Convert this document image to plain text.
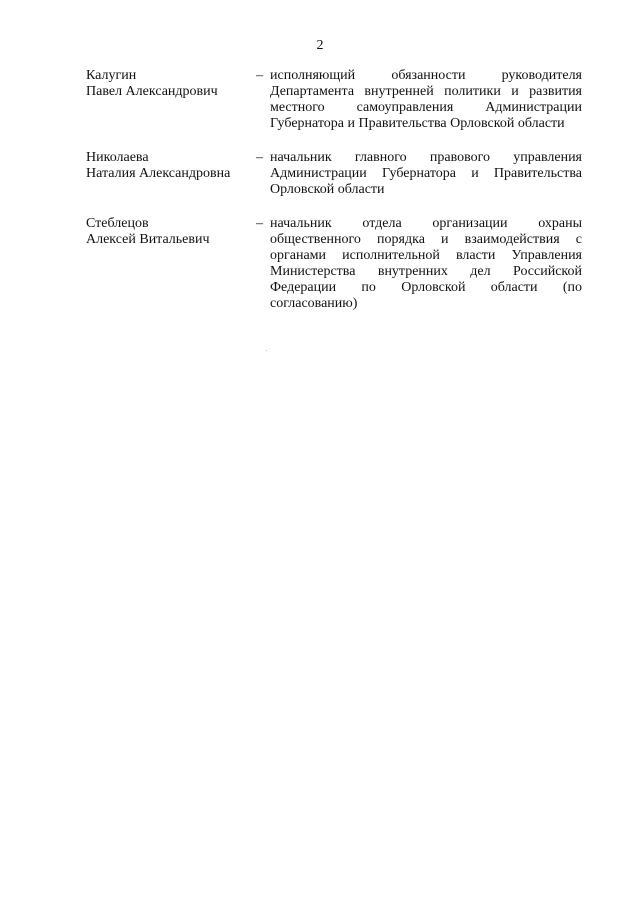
2
Калугин
Павел Александрович
– исполняющий обязанности руководителя Департамента внутренней политики и развития местного самоуправления Администрации Губернатора и Правительства Орловской области

Николаева
Наталия Александровна
– начальник главного правового управления Администрации Губернатора и Правительства Орловской области

Стеблецов
Алексей Витальевич
– начальник отдела организации охраны общественного порядка и взаимодействия с органами исполнительной власти Управления Министерства внутренних дел Российской Федерации по Орловской области (по согласованию)
